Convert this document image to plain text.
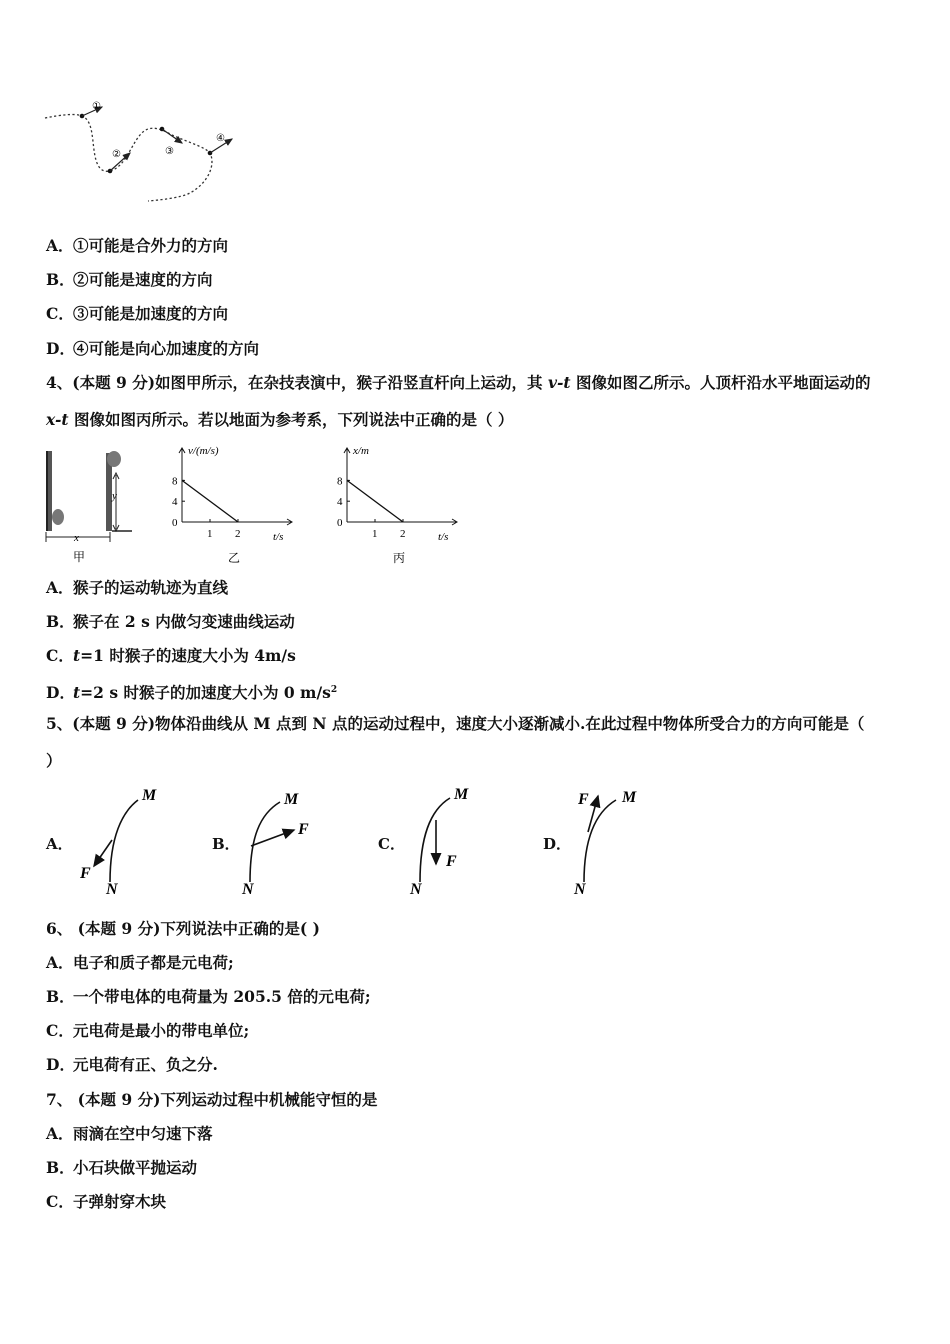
①
②	③
④
A．①可能是合外力的方向
B．②可能是速度的方向
C．③可能是加速度的方向
D．④可能是向心加速度的方向
4、(本题 9 分)如图甲所示，在杂技表演中，猴子沿竖直杆向上运动，其 v-t 图像如图乙所示。人顶杆沿水平地面运动的
x-t 图像如图丙所示。若以地面为参考系，下列说法中正确的是（ ）
y
x
甲
v/(m/s)
t/s
乙
8
4
0
1 2
x/m
t/s
丙
8
4
0
1 2
A．猴子的运动轨迹为直线
B．猴子在 2 s 内做匀变速曲线运动
C．t=1 时猴子的速度大小为 4m/s
D．t=2 s 时猴子的加速度大小为 0 $m/s^2$
5、(本题 9 分)物体沿曲线从 M 点到 N 点的运动过程中，速度大小逐渐减小.在此过程中物体所受合力的方向可能是（
）
A．
M
F
N
B．
M
F
N
C．
M
F
N
D．
F M
N
6、 (本题 9 分)下列说法中正确的是( )
A．电子和质子都是元电荷;
B．一个带电体的电荷量为 205.5 倍的元电荷;
C．元电荷是最小的带电单位;
D．元电荷有正、负之分.
7、 (本题 9 分)下列运动过程中机械能守恒的是
A．雨滴在空中匀速下落
B．小石块做平抛运动
C．子弹射穿木块
